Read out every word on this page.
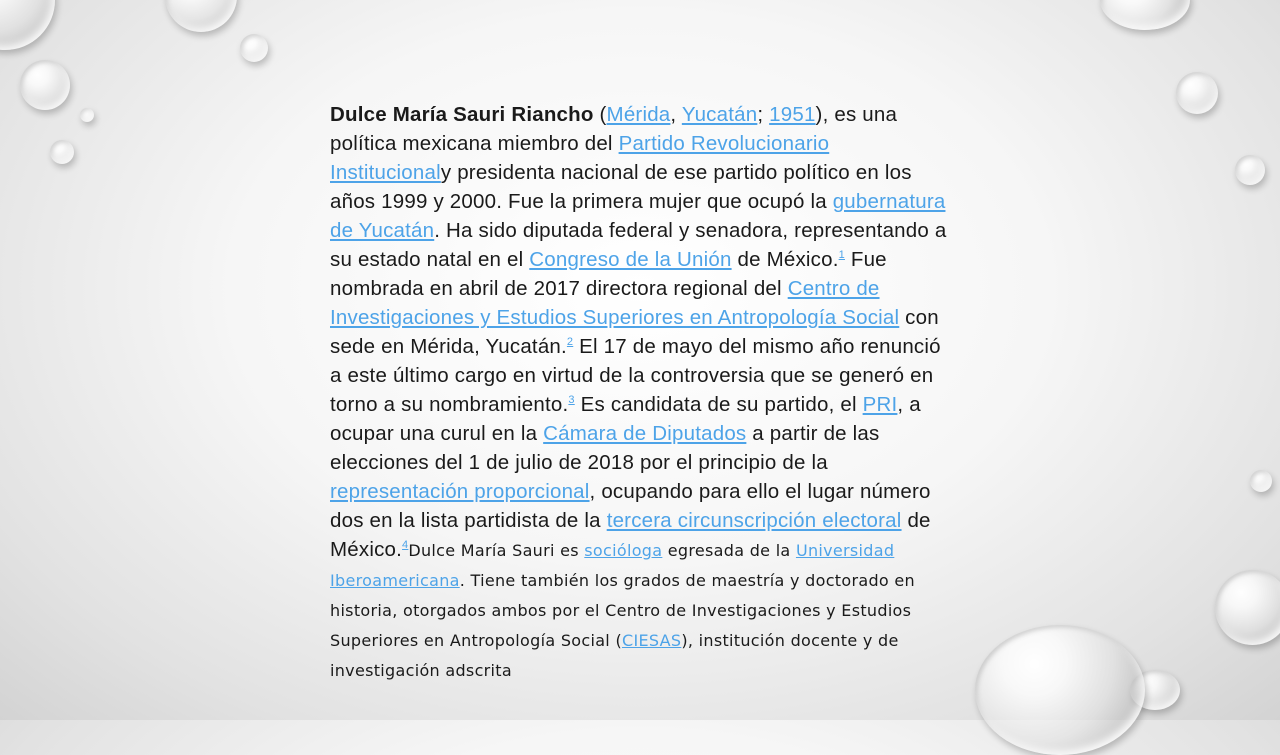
Dulce María Sauri Riancho (Mérida, Yucatán; 1951), es una política mexicana miembro del Partido Revolucionario Institucionaly presidenta nacional de ese partido político en los años 1999 y 2000. Fue la primera mujer que ocupó la gubernatura de Yucatán. Ha sido diputada federal y senadora, representando a su estado natal en el Congreso de la Unión de México.$^1$ Fue nombrada en abril de 2017 directora regional del Centro de Investigaciones y Estudios Superiores en Antropología Social con sede en Mérida, Yucatán.$^2$ El 17 de mayo del mismo año renunció a este último cargo en virtud de la controversia que se generó en torno a su nombramiento.$^3$ Es candidata de su partido, el PRI, a ocupar una curul en la Cámara de Diputados a partir de las elecciones del 1 de julio de 2018 por el principio de la representación proporcional, ocupando para ello el lugar número dos en la lista partidista de la tercera circunscripción electoral de México.$^4$Dulce María Sauri es socióloga egresada de la Universidad Iberoamericana. Tiene también los grados de maestría y doctorado en historia, otorgados ambos por el Centro de Investigaciones y Estudios Superiores en Antropología Social (CIESAS), institución docente y de investigación adscrita
